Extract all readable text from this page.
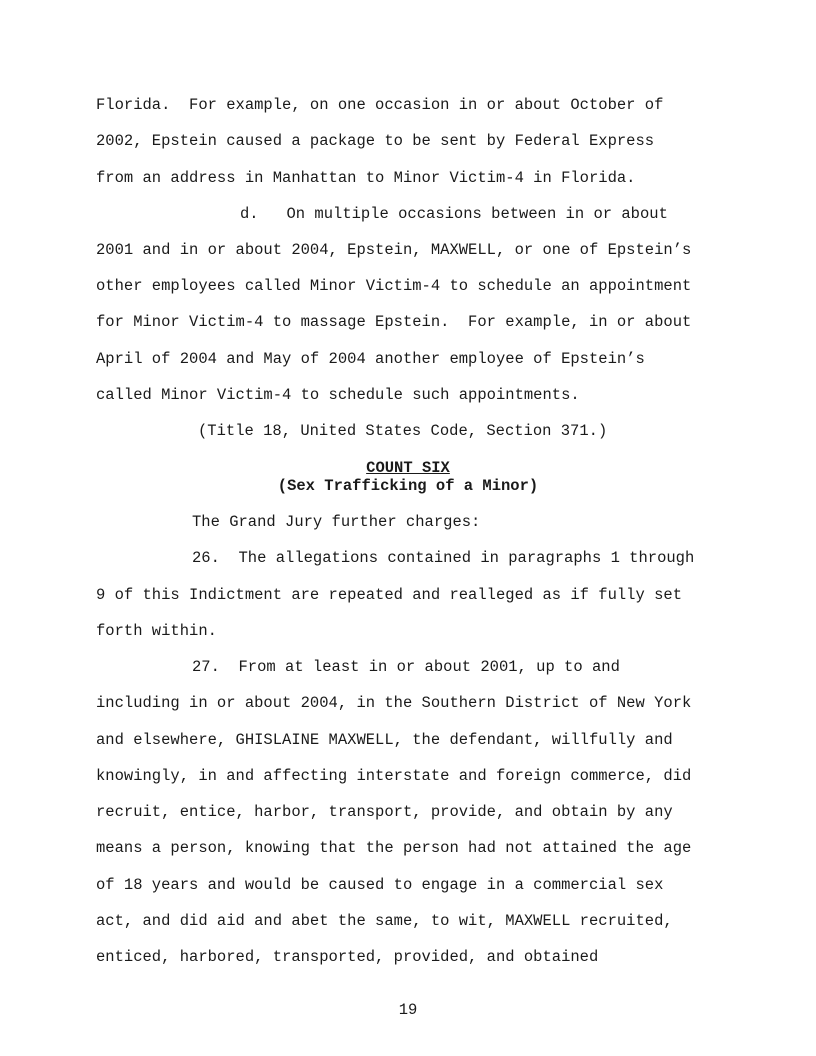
Florida.  For example, on one occasion in or about October of
2002, Epstein caused a package to be sent by Federal Express
from an address in Manhattan to Minor Victim-4 in Florida.
d.   On multiple occasions between in or about
2001 and in or about 2004, Epstein, MAXWELL, or one of Epstein’s
other employees called Minor Victim-4 to schedule an appointment
for Minor Victim-4 to massage Epstein.  For example, in or about
April of 2004 and May of 2004 another employee of Epstein’s
called Minor Victim-4 to schedule such appointments.
(Title 18, United States Code, Section 371.)
COUNT SIX
(Sex Trafficking of a Minor)
The Grand Jury further charges:
26.  The allegations contained in paragraphs 1 through
9 of this Indictment are repeated and realleged as if fully set
forth within.
27.  From at least in or about 2001, up to and
including in or about 2004, in the Southern District of New York
and elsewhere, GHISLAINE MAXWELL, the defendant, willfully and
knowingly, in and affecting interstate and foreign commerce, did
recruit, entice, harbor, transport, provide, and obtain by any
means a person, knowing that the person had not attained the age
of 18 years and would be caused to engage in a commercial sex
act, and did aid and abet the same, to wit, MAXWELL recruited,
enticed, harbored, transported, provided, and obtained
19
